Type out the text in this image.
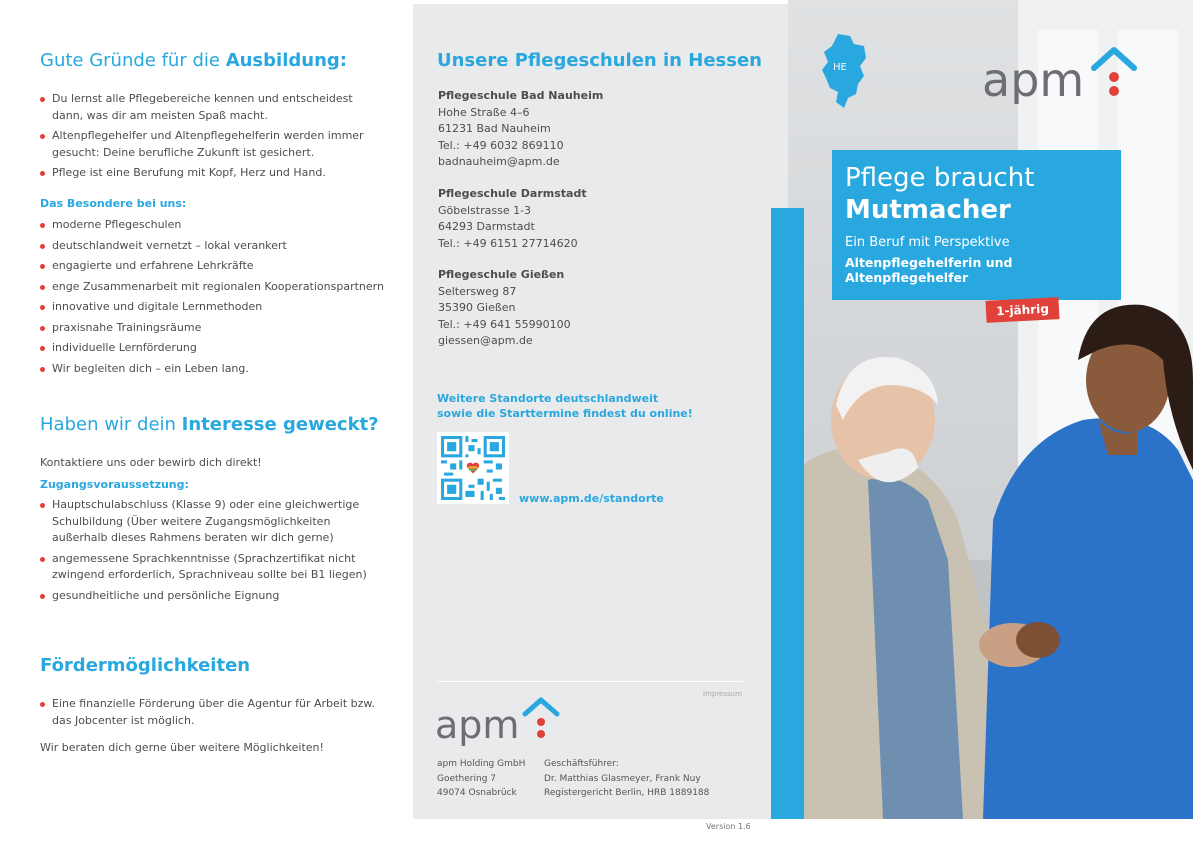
Gute Gründe für die Ausbildung:
Du lernst alle Pflegebereiche kennen und entscheidest dann, was dir am meisten Spaß macht.
Altenpflegehelfer und Altenpflegehelferin werden immer gesucht: Deine berufliche Zukunft ist gesichert.
Pflege ist eine Berufung mit Kopf, Herz und Hand.
Das Besondere bei uns:
moderne Pflegeschulen
deutschlandweit vernetzt – lokal verankert
engagierte und erfahrene Lehrkräfte
enge Zusammenarbeit mit regionalen Kooperationspartnern
innovative und digitale Lernmethoden
praxisnahe Trainingsräume
individuelle Lernförderung
Wir begleiten dich – ein Leben lang.
Haben wir dein Interesse geweckt?
Kontaktiere uns oder bewirb dich direkt!
Zugangsvoraussetzung:
Hauptschulabschluss (Klasse 9) oder eine gleichwertige Schulbildung (Über weitere Zugangsmöglichkeiten außerhalb dieses Rahmens beraten wir dich gerne)
angemessene Sprachkenntnisse (Sprachzertifikat nicht zwingend erforderlich, Sprachniveau sollte bei B1 liegen)
gesundheitliche und persönliche Eignung
Fördermöglichkeiten
Eine finanzielle Förderung über die Agentur für Arbeit bzw. das Jobcenter ist möglich.
Wir beraten dich gerne über weitere Möglichkeiten!
Unsere Pflegeschulen in Hessen
Pflegeschule Bad Nauheim
Hohe Straße 4–6
61231 Bad Nauheim
Tel.: +49 6032 869110
badnauheim@apm.de
Pflegeschule Darmstadt
Göbelstrasse 1-3
64293 Darmstadt
Tel.: +49 6151 27714620
Pflegeschule Gießen
Seltersweg 87
35390 Gießen
Tel.: +49 641 55990100
giessen@apm.de
Weitere Standorte deutschlandweit sowie die Starttermine findest du online!
www.apm.de/standorte
Impressum
apm
apm Holding GmbH
Goethering 7
49074 Osnabrück
Geschäftsführer:
Dr. Matthias Glasmeyer, Frank Nuy
Registergericht Berlin, HRB 1889188
Version 1.6
HE	apm
Pflege braucht
Mutmacher
Ein Beruf mit Perspektive
Altenpflegehelferin und Altenpflegehelfer
1-jährig
